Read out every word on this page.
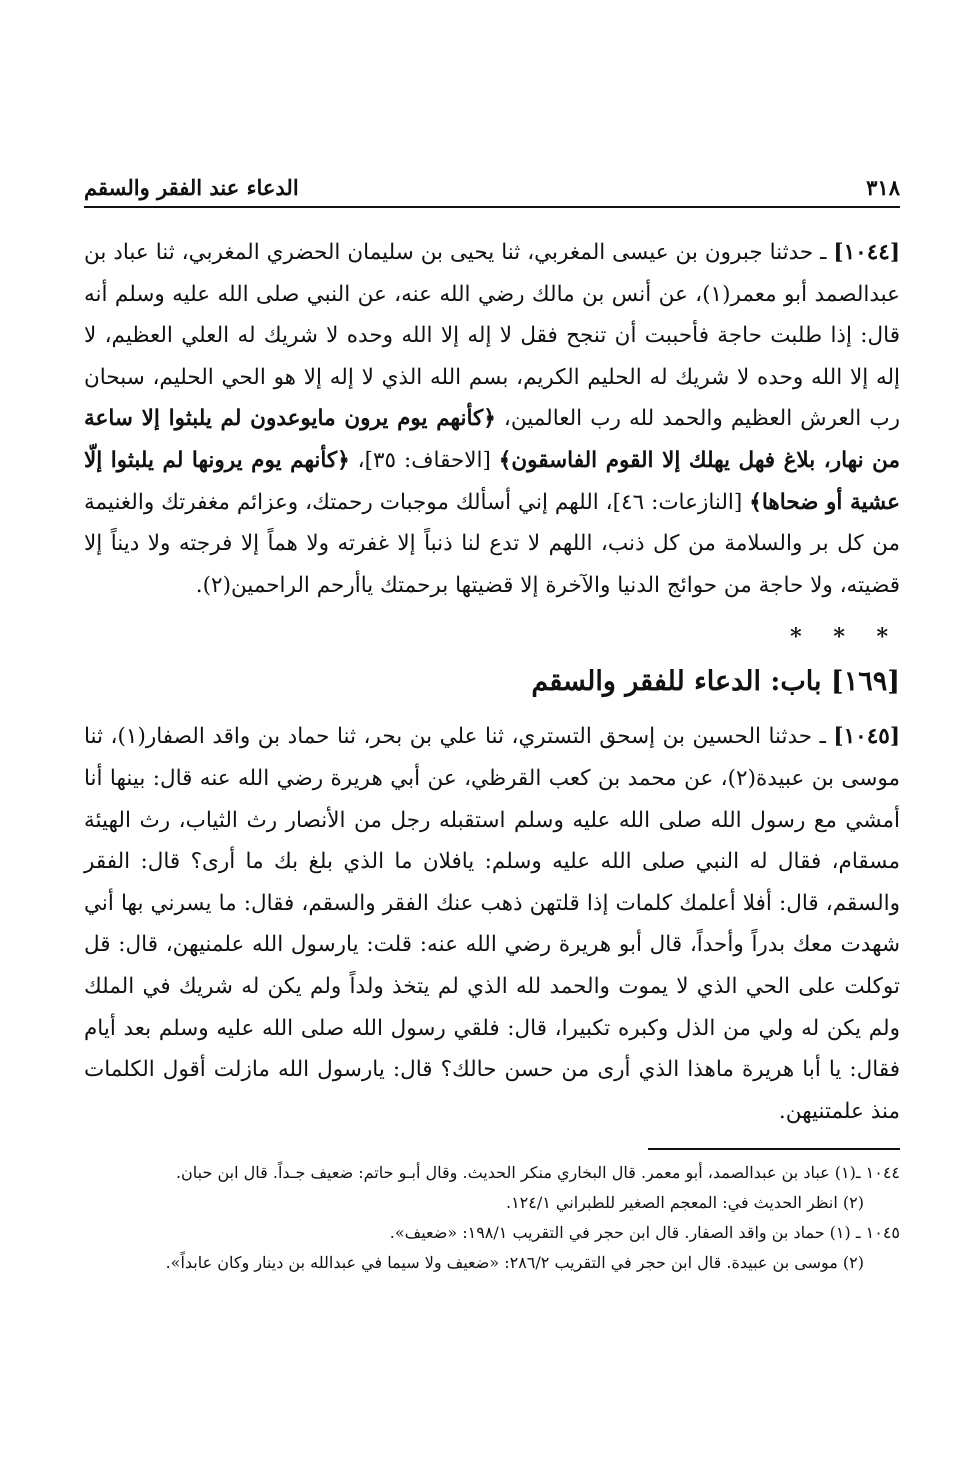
٣١٨
الدعاء عند الفقر والسقم

[١٠٤٤] ـ حدثنا جبرون بن عيسى المغربي، ثنا يحيى بن سليمان الحضري المغربي، ثنا عباد بن عبدالصمد أبو معمر(١)، عن أنس بن مالك رضي الله عنه، عن النبي صلى الله عليه وسلم أنه قال: إذا طلبت حاجة فأحببت أن تنجح فقل لا إله إلا الله وحده لا شريك له العلي العظيم، لا إله إلا الله وحده لا شريك له الحليم الكريم، بسم الله الذي لا إله إلا هو الحي الحليم، سبحان رب العرش العظيم والحمد لله رب العالمين، ﴿كأنهم يوم يرون مايوعدون لم يلبثوا إلا ساعة من نهار، بلاغ فهل يهلك إلا القوم الفاسقون﴾ [الاحقاف: ٣٥]، ﴿كأنهم يوم يرونها لم يلبثوا إلّا عشية أو ضحاها﴾ [النازعات: ٤٦]، اللهم إني أسألك موجبات رحمتك، وعزائم مغفرتك والغنيمة من كل بر والسلامة من كل ذنب، اللهم لا تدع لنا ذنباً إلا غفرته ولا هماً إلا فرجته ولا ديناً إلا قضيته، ولا حاجة من حوائج الدنيا والآخرة إلا قضيتها برحمتك ياأرحم الراحمين(٢).

* * *
[١٦٩] باب: الدعاء للفقر والسقم

[١٠٤٥] ـ حدثنا الحسين بن إسحق التستري، ثنا علي بن بحر، ثنا حماد بن واقد الصفار(١)، ثنا موسى بن عبيدة(٢)، عن محمد بن كعب القرظي، عن أبي هريرة رضي الله عنه قال: بينها أنا أمشي مع رسول الله صلى الله عليه وسلم استقبله رجل من الأنصار رث الثياب، رث الهيئة مسقام، فقال له النبي صلى الله عليه وسلم: يافلان ما الذي بلغ بك ما أرى؟ قال: الفقر والسقم، قال: أفلا أعلمك كلمات إذا قلتهن ذهب عنك الفقر والسقم، فقال: ما يسرني بها أني شهدت معك بدراً وأحداً، قال أبو هريرة رضي الله عنه: قلت: يارسول الله علمنيهن، قال: قل توكلت على الحي الذي لا يموت والحمد لله الذي لم يتخذ ولداً ولم يكن له شريك في الملك ولم يكن له ولي من الذل وكبره تكبيرا، قال: فلقي رسول الله صلى الله عليه وسلم بعد أيام فقال: يا أبا هريرة ماهذا الذي أرى من حسن حالك؟ قال: يارسول الله مازلت أقول الكلمات منذ علمتنيهن.

١٠٤٤ ـ(١) عباد بن عبدالصمد، أبو معمر. قال البخاري منكر الحديث. وقال أبـو حاتم: ضعيف جـداً. قال ابن حبان.

(٢) انظر الحديث في: المعجم الصغير للطبراني ١٢٤/١.

١٠٤٥ ـ (١) حماد بن واقد الصفار. قال ابن حجر في التقريب ١٩٨/١: «ضعيف».

(٢) موسى بن عبيدة. قال ابن حجر في التقريب ٢٨٦/٢: «ضعيف ولا سيما في عبدالله بن دينار وكان عابداً».
